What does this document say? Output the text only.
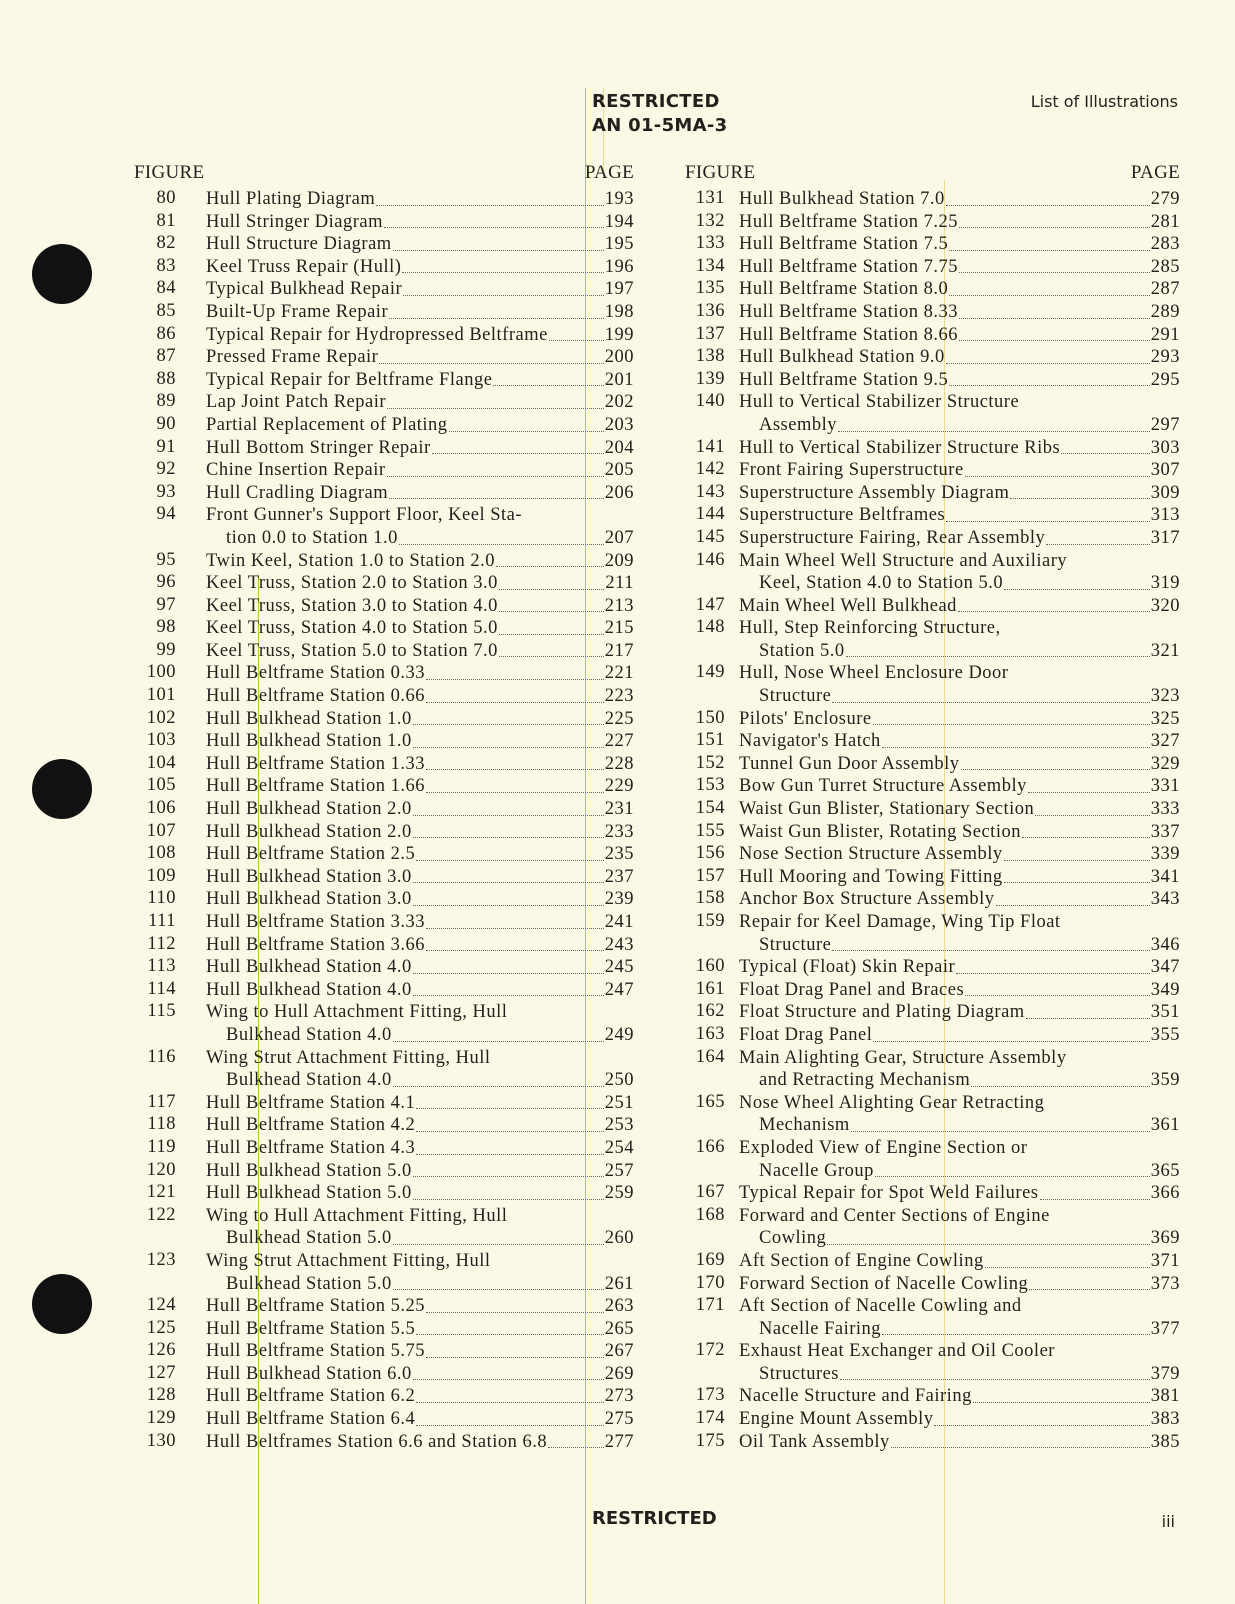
RESTRICTED
AN 01-5MA-3
List of Illustrations
FIGURE	PAGE
80 Hull Plating Diagram	193
81 Hull Stringer Diagram	194
82 Hull Structure Diagram	195
83 Keel Truss Repair (Hull)	196
84 Typical Bulkhead Repair	197
85 Built-Up Frame Repair	198
86 Typical Repair for Hydropressed Beltframe	199
87 Pressed Frame Repair	200
88 Typical Repair for Beltframe Flange	201
89 Lap Joint Patch Repair	202
90 Partial Replacement of Plating	203
91 Hull Bottom Stringer Repair	204
92 Chine Insertion Repair	205
93 Hull Cradling Diagram	206
94 Front Gunner's Support Floor, Keel Sta-
tion 0.0 to Station 1.0	207
95 Twin Keel, Station 1.0 to Station 2.0	209
96 Keel Truss, Station 2.0 to Station 3.0	211
97 Keel Truss, Station 3.0 to Station 4.0	213
98 Keel Truss, Station 4.0 to Station 5.0	215
99 Keel Truss, Station 5.0 to Station 7.0	217
100 Hull Beltframe Station 0.33	221
101 Hull Beltframe Station 0.66	223
102 Hull Bulkhead Station 1.0	225
103 Hull Bulkhead Station 1.0	227
104 Hull Beltframe Station 1.33	228
105 Hull Beltframe Station 1.66	229
106 Hull Bulkhead Station 2.0	231
107 Hull Bulkhead Station 2.0	233
108 Hull Beltframe Station 2.5	235
109 Hull Bulkhead Station 3.0	237
110 Hull Bulkhead Station 3.0	239
111 Hull Beltframe Station 3.33	241
112 Hull Beltframe Station 3.66	243
113 Hull Bulkhead Station 4.0	245
114 Hull Bulkhead Station 4.0	247
115 Wing to Hull Attachment Fitting, Hull
Bulkhead Station 4.0	249
116 Wing Strut Attachment Fitting, Hull
Bulkhead Station 4.0	250
117 Hull Beltframe Station 4.1	251
118 Hull Beltframe Station 4.2	253
119 Hull Beltframe Station 4.3	254
120 Hull Bulkhead Station 5.0	257
121 Hull Bulkhead Station 5.0	259
122 Wing to Hull Attachment Fitting, Hull
Bulkhead Station 5.0	260
123 Wing Strut Attachment Fitting, Hull
Bulkhead Station 5.0	261
124 Hull Beltframe Station 5.25	263
125 Hull Beltframe Station 5.5	265
126 Hull Beltframe Station 5.75	267
127 Hull Bulkhead Station 6.0	269
128 Hull Beltframe Station 6.2	273
129 Hull Beltframe Station 6.4	275
130 Hull Beltframes Station 6.6 and Station 6.8	277
FIGURE	PAGE
131 Hull Bulkhead Station 7.0	279
132 Hull Beltframe Station 7.25	281
133 Hull Beltframe Station 7.5	283
134 Hull Beltframe Station 7.75	285
135 Hull Beltframe Station 8.0	287
136 Hull Beltframe Station 8.33	289
137 Hull Beltframe Station 8.66	291
138 Hull Bulkhead Station 9.0	293
139 Hull Beltframe Station 9.5	295
140 Hull to Vertical Stabilizer Structure
Assembly	297
141 Hull to Vertical Stabilizer Structure Ribs	303
142 Front Fairing Superstructure	307
143 Superstructure Assembly Diagram	309
144 Superstructure Beltframes	313
145 Superstructure Fairing, Rear Assembly	317
146 Main Wheel Well Structure and Auxiliary
Keel, Station 4.0 to Station 5.0	319
147 Main Wheel Well Bulkhead	320
148 Hull, Step Reinforcing Structure,
Station 5.0	321
149 Hull, Nose Wheel Enclosure Door
Structure	323
150 Pilots' Enclosure	325
151 Navigator's Hatch	327
152 Tunnel Gun Door Assembly	329
153 Bow Gun Turret Structure Assembly	331
154 Waist Gun Blister, Stationary Section	333
155 Waist Gun Blister, Rotating Section	337
156 Nose Section Structure Assembly	339
157 Hull Mooring and Towing Fitting	341
158 Anchor Box Structure Assembly	343
159 Repair for Keel Damage, Wing Tip Float
Structure	346
160 Typical (Float) Skin Repair	347
161 Float Drag Panel and Braces	349
162 Float Structure and Plating Diagram	351
163 Float Drag Panel	355
164 Main Alighting Gear, Structure Assembly
and Retracting Mechanism	359
165 Nose Wheel Alighting Gear Retracting
Mechanism	361
166 Exploded View of Engine Section or
Nacelle Group	365
167 Typical Repair for Spot Weld Failures	366
168 Forward and Center Sections of Engine
Cowling	369
169 Aft Section of Engine Cowling	371
170 Forward Section of Nacelle Cowling	373
171 Aft Section of Nacelle Cowling and
Nacelle Fairing	377
172 Exhaust Heat Exchanger and Oil Cooler
Structures	379
173 Nacelle Structure and Fairing	381
174 Engine Mount Assembly	383
175 Oil Tank Assembly	385
RESTRICTED	iii
